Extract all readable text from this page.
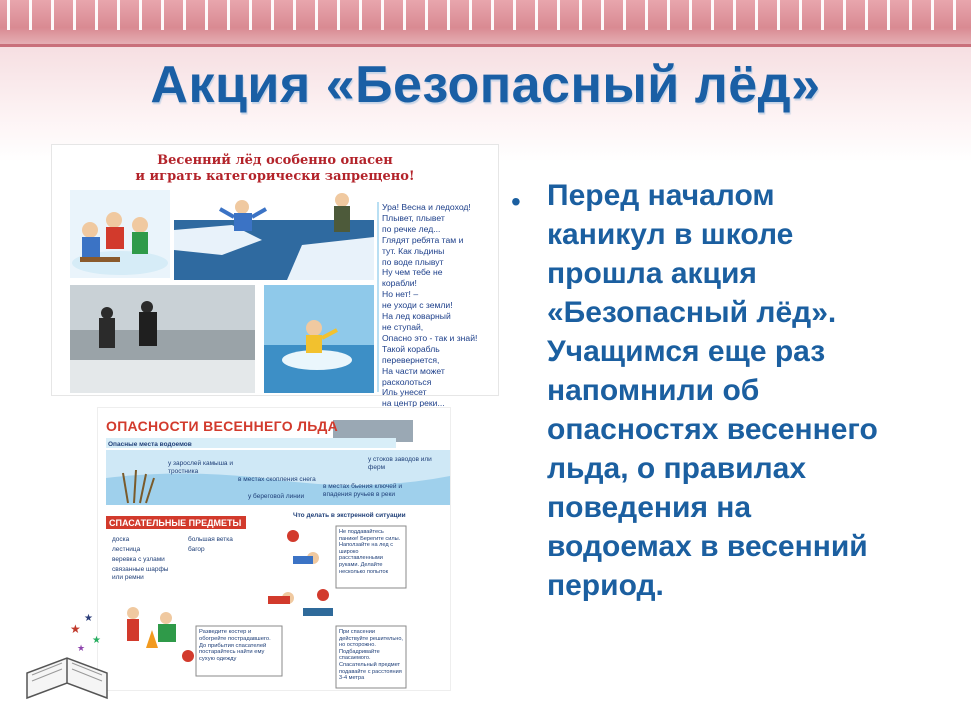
Акция «Безопасный лёд»
Весенний лёд особенно опасен
и играть категорически запрещено!
Ура! Весна и ледоход!
Плывет, плывет
по речке лед...
Глядят ребята там и
тут. Как льдины
по воде плывут
Ну чем тебе не
корабли!
Но нет! –
не уходи с земли!
На лед коварный
не ступай,
Опасно это - так и знай!
Такой корабль
перевернется,
На части может
расколоться
Иль унесет
на центр реки...
ОПАСНОСТИ ВЕСЕННЕГО ЛЬДА
Опасные места водоемов
у зарослей камыша и тростника
в местах скопления снега
у береговой линии
у стоков заводов или ферм
в местах бьения ключей и впадения ручьев в реки
Что делать в экстренной ситуации
СПАСАТЕЛЬНЫЕ ПРЕДМЕТЫ
доска	большая ветка
лестница	багор
веревка с узлами
связанные шарфы или ремни
Не поддавайтесь панике! Берегите силы. Наползайте на лед с широко расставленными руками. Делайте несколько попыток
При спасении действуйте решительно, но осторожно. Подбадривайте спасаемого. Спасательный предмет подавайте с расстояния 3-4 метра
Разведите костер и обогрейте пострадавшего. До прибытия спасателей постарайтесь найти ему сухую одежду
★
★
★
★
• Перед началом
каникул в школе
прошла акция
«Безопасный лёд».
Учащимся еще раз
напомнили об
опасностях весеннего
льда, о правилах
поведения на
водоемах в весенний
период.
